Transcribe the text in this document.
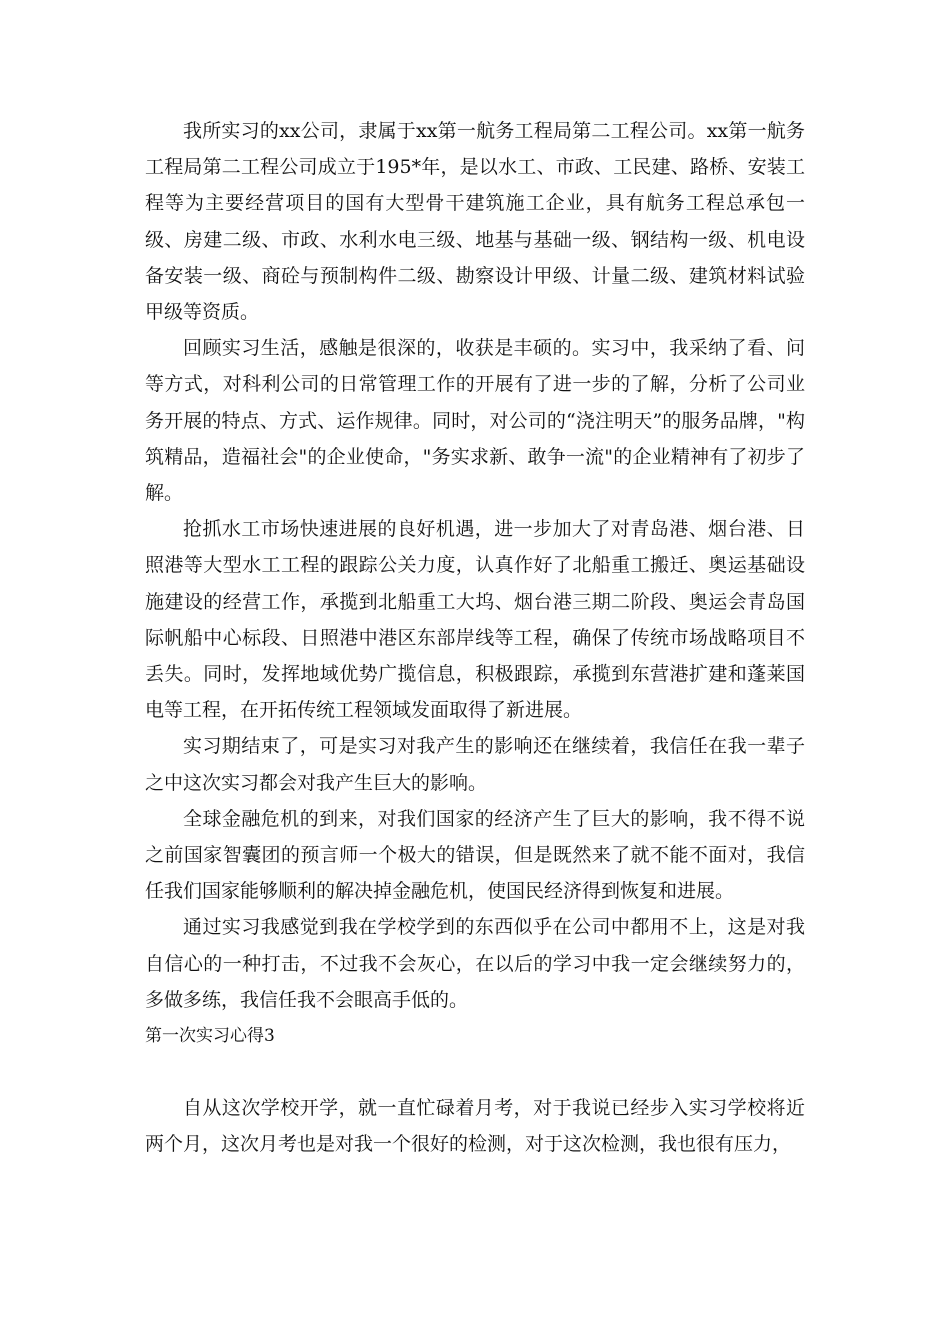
我所实习的xx公司，隶属于xx第一航务工程局第二工程公司。xx第一航务工程局第二工程公司成立于195*年，是以水工、市政、工民建、路桥、安装工程等为主要经营项目的国有大型骨干建筑施工企业，具有航务工程总承包一级、房建二级、市政、水利水电三级、地基与基础一级、钢结构一级、机电设备安装一级、商砼与预制构件二级、勘察设计甲级、计量二级、建筑材料试验甲级等资质。

回顾实习生活，感触是很深的，收获是丰硕的。实习中，我采纳了看、问等方式，对科利公司的日常管理工作的开展有了进一步的了解，分析了公司业务开展的特点、方式、运作规律。同时，对公司的“浇注明天”的服务品牌，"构筑精品，造福社会"的企业使命，"务实求新、敢争一流"的企业精神有了初步了解。

抢抓水工市场快速进展的良好机遇，进一步加大了对青岛港、烟台港、日照港等大型水工工程的跟踪公关力度，认真作好了北船重工搬迁、奥运基础设施建设的经营工作，承揽到北船重工大坞、烟台港三期二阶段、奥运会青岛国际帆船中心标段、日照港中港区东部岸线等工程，确保了传统市场战略项目不丢失。同时，发挥地域优势广揽信息，积极跟踪，承揽到东营港扩建和蓬莱国电等工程，在开拓传统工程领域发面取得了新进展。

实习期结束了，可是实习对我产生的影响还在继续着，我信任在我一辈子之中这次实习都会对我产生巨大的影响。

全球金融危机的到来，对我们国家的经济产生了巨大的影响，我不得不说之前国家智囊团的预言师一个极大的错误，但是既然来了就不能不面对，我信任我们国家能够顺利的解决掉金融危机，使国民经济得到恢复和进展。

通过实习我感觉到我在学校学到的东西似乎在公司中都用不上，这是对我自信心的一种打击，不过我不会灰心，在以后的学习中我一定会继续努力的，多做多练，我信任我不会眼高手低的。

第一次实习心得3

自从这次学校开学，就一直忙碌着月考，对于我说已经步入实习学校将近两个月，这次月考也是对我一个很好的检测，对于这次检测，我也很有压力，
